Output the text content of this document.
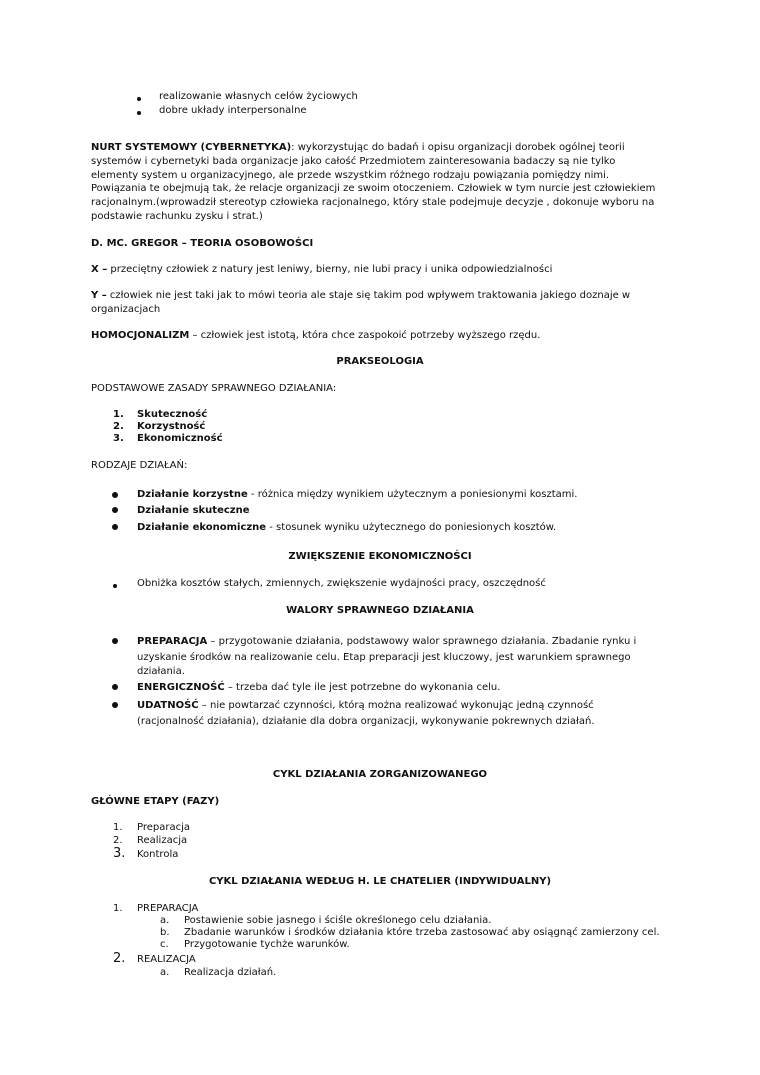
realizowanie własnych celów życiowych
dobre układy interpersonalne
NURT SYSTEMOWY (CYBERNETYKA): wykorzystując do badań i opisu organizacji dorobek ogólnej teorii
systemów i cybernetyki bada organizacje jako całość Przedmiotem zainteresowania badaczy są nie tylko
elementy system u organizacyjnego, ale przede wszystkim różnego rodzaju powiązania pomiędzy nimi.
Powiązania te obejmują tak, że relacje organizacji ze swoim otoczeniem. Człowiek w tym nurcie jest człowiekiem
racjonalnym.(wprowadził stereotyp człowieka racjonalnego, który stale podejmuje decyzje , dokonuje wyboru na
podstawie rachunku zysku i strat.)
D. MC. GREGOR – TEORIA OSOBOWOŚCI
X – przeciętny człowiek z natury jest leniwy, bierny, nie lubi pracy i unika odpowiedzialności
Y – człowiek nie jest taki jak to mówi teoria ale staje się takim pod wpływem traktowania jakiego doznaje w
organizacjach
HOMOCJONALIZM – człowiek jest istotą, która chce zaspokoić potrzeby wyższego rzędu.
PRAKSEOLOGIA
PODSTAWOWE ZASADY SPRAWNEGO DZIAŁANIA:
1. Skuteczność
2. Korzystność
3. Ekonomiczność
RODZAJE DZIAŁAŃ:
Działanie korzystne - różnica między wynikiem użytecznym a poniesionymi kosztami.
Działanie skuteczne
Działanie ekonomiczne - stosunek wyniku użytecznego do poniesionych kosztów.
ZWIĘKSZENIE EKONOMICZNOŚCI
Obniżka kosztów stałych, zmiennych, zwiększenie wydajności pracy, oszczędność
WALORY SPRAWNEGO DZIAŁANIA
PREPARACJA – przygotowanie działania, podstawowy walor sprawnego działania. Zbadanie rynku i
uzyskanie środków na realizowanie celu. Etap preparacji jest kluczowy, jest warunkiem sprawnego
działania.
ENERGICZNOŚĆ – trzeba dać tyle ile jest potrzebne do wykonania celu.
UDATNOŚĆ – nie powtarzać czynności, którą można realizować wykonując jedną czynność
(racjonalność działania), działanie dla dobra organizacji, wykonywanie pokrewnych działań.
CYKL DZIAŁANIA ZORGANIZOWANEGO
GŁÓWNE ETAPY (FAZY)
1. Preparacja
2. Realizacja
3. Kontrola
CYKL DZIAŁANIA WEDŁUG H. LE CHATELIER (INDYWIDUALNY)
1. PREPARACJA
a. Postawienie sobie jasnego i ściśle określonego celu działania.
b. Zbadanie warunków i środków działania które trzeba zastosować aby osiągnąć zamierzony cel.
c. Przygotowanie tychże warunków.
2. REALIZACJA
a. Realizacja działań.
